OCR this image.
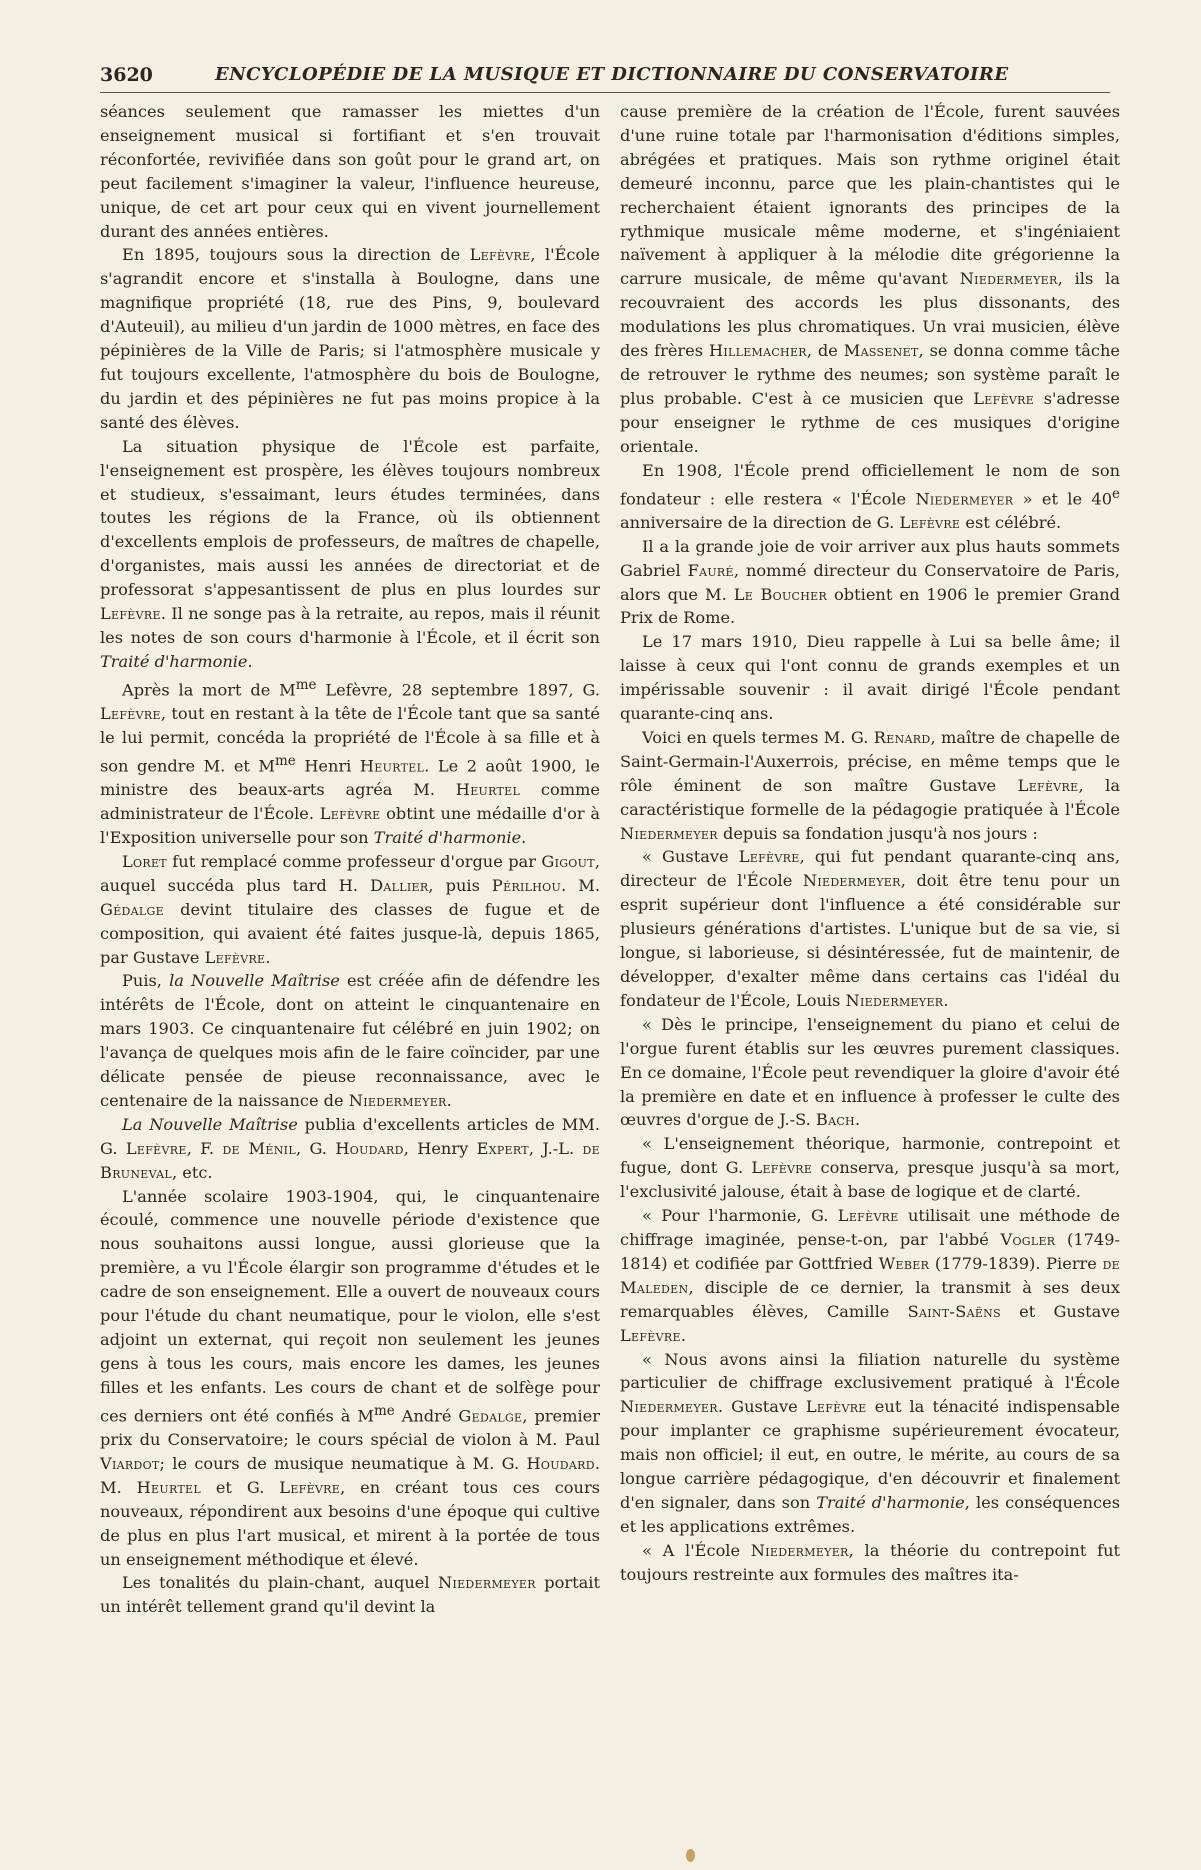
3620	ENCYCLOPÉDIE DE LA MUSIQUE ET DICTIONNAIRE DU CONSERVATOIRE

séances seulement que ramasser les miettes d'un enseignement musical si fortifiant et s'en trouvait réconfortée, revivifiée dans son goût pour le grand art, on peut facilement s'imaginer la valeur, l'influence heureuse, unique, de cet art pour ceux qui en vivent journellement durant des années entières.

En 1895, toujours sous la direction de Lefèvre, l'École s'agrandit encore et s'installa à Boulogne, dans une magnifique propriété (18, rue des Pins, 9, boulevard d'Auteuil), au milieu d'un jardin de 1000 mètres, en face des pépinières de la Ville de Paris; si l'atmosphère musicale y fut toujours excellente, l'atmosphère du bois de Boulogne, du jardin et des pépinières ne fut pas moins propice à la santé des élèves.

La situation physique de l'École est parfaite, l'enseignement est prospère, les élèves toujours nombreux et studieux, s'essaimant, leurs études terminées, dans toutes les régions de la France, où ils obtiennent d'excellents emplois de professeurs, de maîtres de chapelle, d'organistes, mais aussi les années de directoriat et de professorat s'appesantissent de plus en plus lourdes sur Lefèvre. Il ne songe pas à la retraite, au repos, mais il réunit les notes de son cours d'harmonie à l'École, et il écrit son Traité d'harmonie.

Après la mort de $M^{me}$ Lefèvre, 28 septembre 1897, G. Lefèvre, tout en restant à la tête de l'École tant que sa santé le lui permit, concéda la propriété de l'École à sa fille et à son gendre M. et $M^{me}$ Henri Heurtel. Le 2 août 1900, le ministre des beaux-arts agréa M. Heurtel comme administrateur de l'École. Lefèvre obtint une médaille d'or à l'Exposition universelle pour son Traité d'harmonie.

Loret fut remplacé comme professeur d'orgue par Gigout, auquel succéda plus tard H. Dallier, puis Périlhou. M. Gédalge devint titulaire des classes de fugue et de composition, qui avaient été faites jusque-là, depuis 1865, par Gustave Lefèvre.

Puis, la Nouvelle Maîtrise est créée afin de défendre les intérêts de l'École, dont on atteint le cinquantenaire en mars 1903. Ce cinquantenaire fut célébré en juin 1902; on l'avança de quelques mois afin de le faire coïncider, par une délicate pensée de pieuse reconnaissance, avec le centenaire de la naissance de Niedermeyer.

La Nouvelle Maîtrise publia d'excellents articles de MM. G. Lefèvre, F. de Ménil, G. Houdard, Henry Expert, J.-L. de Bruneval, etc.

L'année scolaire 1903-1904, qui, le cinquantenaire écoulé, commence une nouvelle période d'existence que nous souhaitons aussi longue, aussi glorieuse que la première, a vu l'École élargir son programme d'études et le cadre de son enseignement. Elle a ouvert de nouveaux cours pour l'étude du chant neumatique, pour le violon, elle s'est adjoint un externat, qui reçoit non seulement les jeunes gens à tous les cours, mais encore les dames, les jeunes filles et les enfants. Les cours de chant et de solfège pour ces derniers ont été confiés à $M^{me}$ André Gedalge, premier prix du Conservatoire; le cours spécial de violon à M. Paul Viardot; le cours de musique neumatique à M. G. Houdard. M. Heurtel et G. Lefèvre, en créant tous ces cours nouveaux, répondirent aux besoins d'une époque qui cultive de plus en plus l'art musical, et mirent à la portée de tous un enseignement méthodique et élevé.

Les tonalités du plain-chant, auquel Niedermeyer portait un intérêt tellement grand qu'il devint la

cause première de la création de l'École, furent sauvées d'une ruine totale par l'harmonisation d'éditions simples, abrégées et pratiques. Mais son rythme originel était demeuré inconnu, parce que les plain-chantistes qui le recherchaient étaient ignorants des principes de la rythmique musicale même moderne, et s'ingéniaient naïvement à appliquer à la mélodie dite grégorienne la carrure musicale, de même qu'avant Niedermeyer, ils la recouvraient des accords les plus dissonants, des modulations les plus chromatiques. Un vrai musicien, élève des frères Hillemacher, de Massenet, se donna comme tâche de retrouver le rythme des neumes; son système paraît le plus probable. C'est à ce musicien que Lefèvre s'adresse pour enseigner le rythme de ces musiques d'origine orientale.

En 1908, l'École prend officiellement le nom de son fondateur : elle restera « l'École Niedermeyer » et le 40e anniversaire de la direction de G. Lefèvre est célébré.

Il a la grande joie de voir arriver aux plus hauts sommets Gabriel Fauré, nommé directeur du Conservatoire de Paris, alors que M. Le Boucher obtient en 1906 le premier Grand Prix de Rome.

Le 17 mars 1910, Dieu rappelle à Lui sa belle âme; il laisse à ceux qui l'ont connu de grands exemples et un impérissable souvenir : il avait dirigé l'École pendant quarante-cinq ans.

Voici en quels termes M. G. Renard, maître de chapelle de Saint-Germain-l'Auxerrois, précise, en même temps que le rôle éminent de son maître Gustave Lefèvre, la caractéristique formelle de la pédagogie pratiquée à l'École Niedermeyer depuis sa fondation jusqu'à nos jours :

« Gustave Lefèvre, qui fut pendant quarante-cinq ans, directeur de l'École Niedermeyer, doit être tenu pour un esprit supérieur dont l'influence a été considérable sur plusieurs générations d'artistes. L'unique but de sa vie, si longue, si laborieuse, si désintéressée, fut de maintenir, de développer, d'exalter même dans certains cas l'idéal du fondateur de l'École, Louis Niedermeyer.

« Dès le principe, l'enseignement du piano et celui de l'orgue furent établis sur les œuvres purement classiques. En ce domaine, l'École peut revendiquer la gloire d'avoir été la première en date et en influence à professer le culte des œuvres d'orgue de J.-S. Bach.

« L'enseignement théorique, harmonie, contrepoint et fugue, dont G. Lefèvre conserva, presque jusqu'à sa mort, l'exclusivité jalouse, était à base de logique et de clarté.

« Pour l'harmonie, G. Lefèvre utilisait une méthode de chiffrage imaginée, pense-t-on, par l'abbé Vogler (1749-1814) et codifiée par Gottfried Weber (1779-1839). Pierre de Maleden, disciple de ce dernier, la transmit à ses deux remarquables élèves, Camille Saint-Saëns et Gustave Lefèvre.

« Nous avons ainsi la filiation naturelle du système particulier de chiffrage exclusivement pratiqué à l'École Niedermeyer. Gustave Lefèvre eut la ténacité indispensable pour implanter ce graphisme supérieurement évocateur, mais non officiel; il eut, en outre, le mérite, au cours de sa longue carrière pédagogique, d'en découvrir et finalement d'en signaler, dans son Traité d'harmonie, les conséquences et les applications extrêmes.

« A l'École Niedermeyer, la théorie du contrepoint fut toujours restreinte aux formules des maîtres ita-
